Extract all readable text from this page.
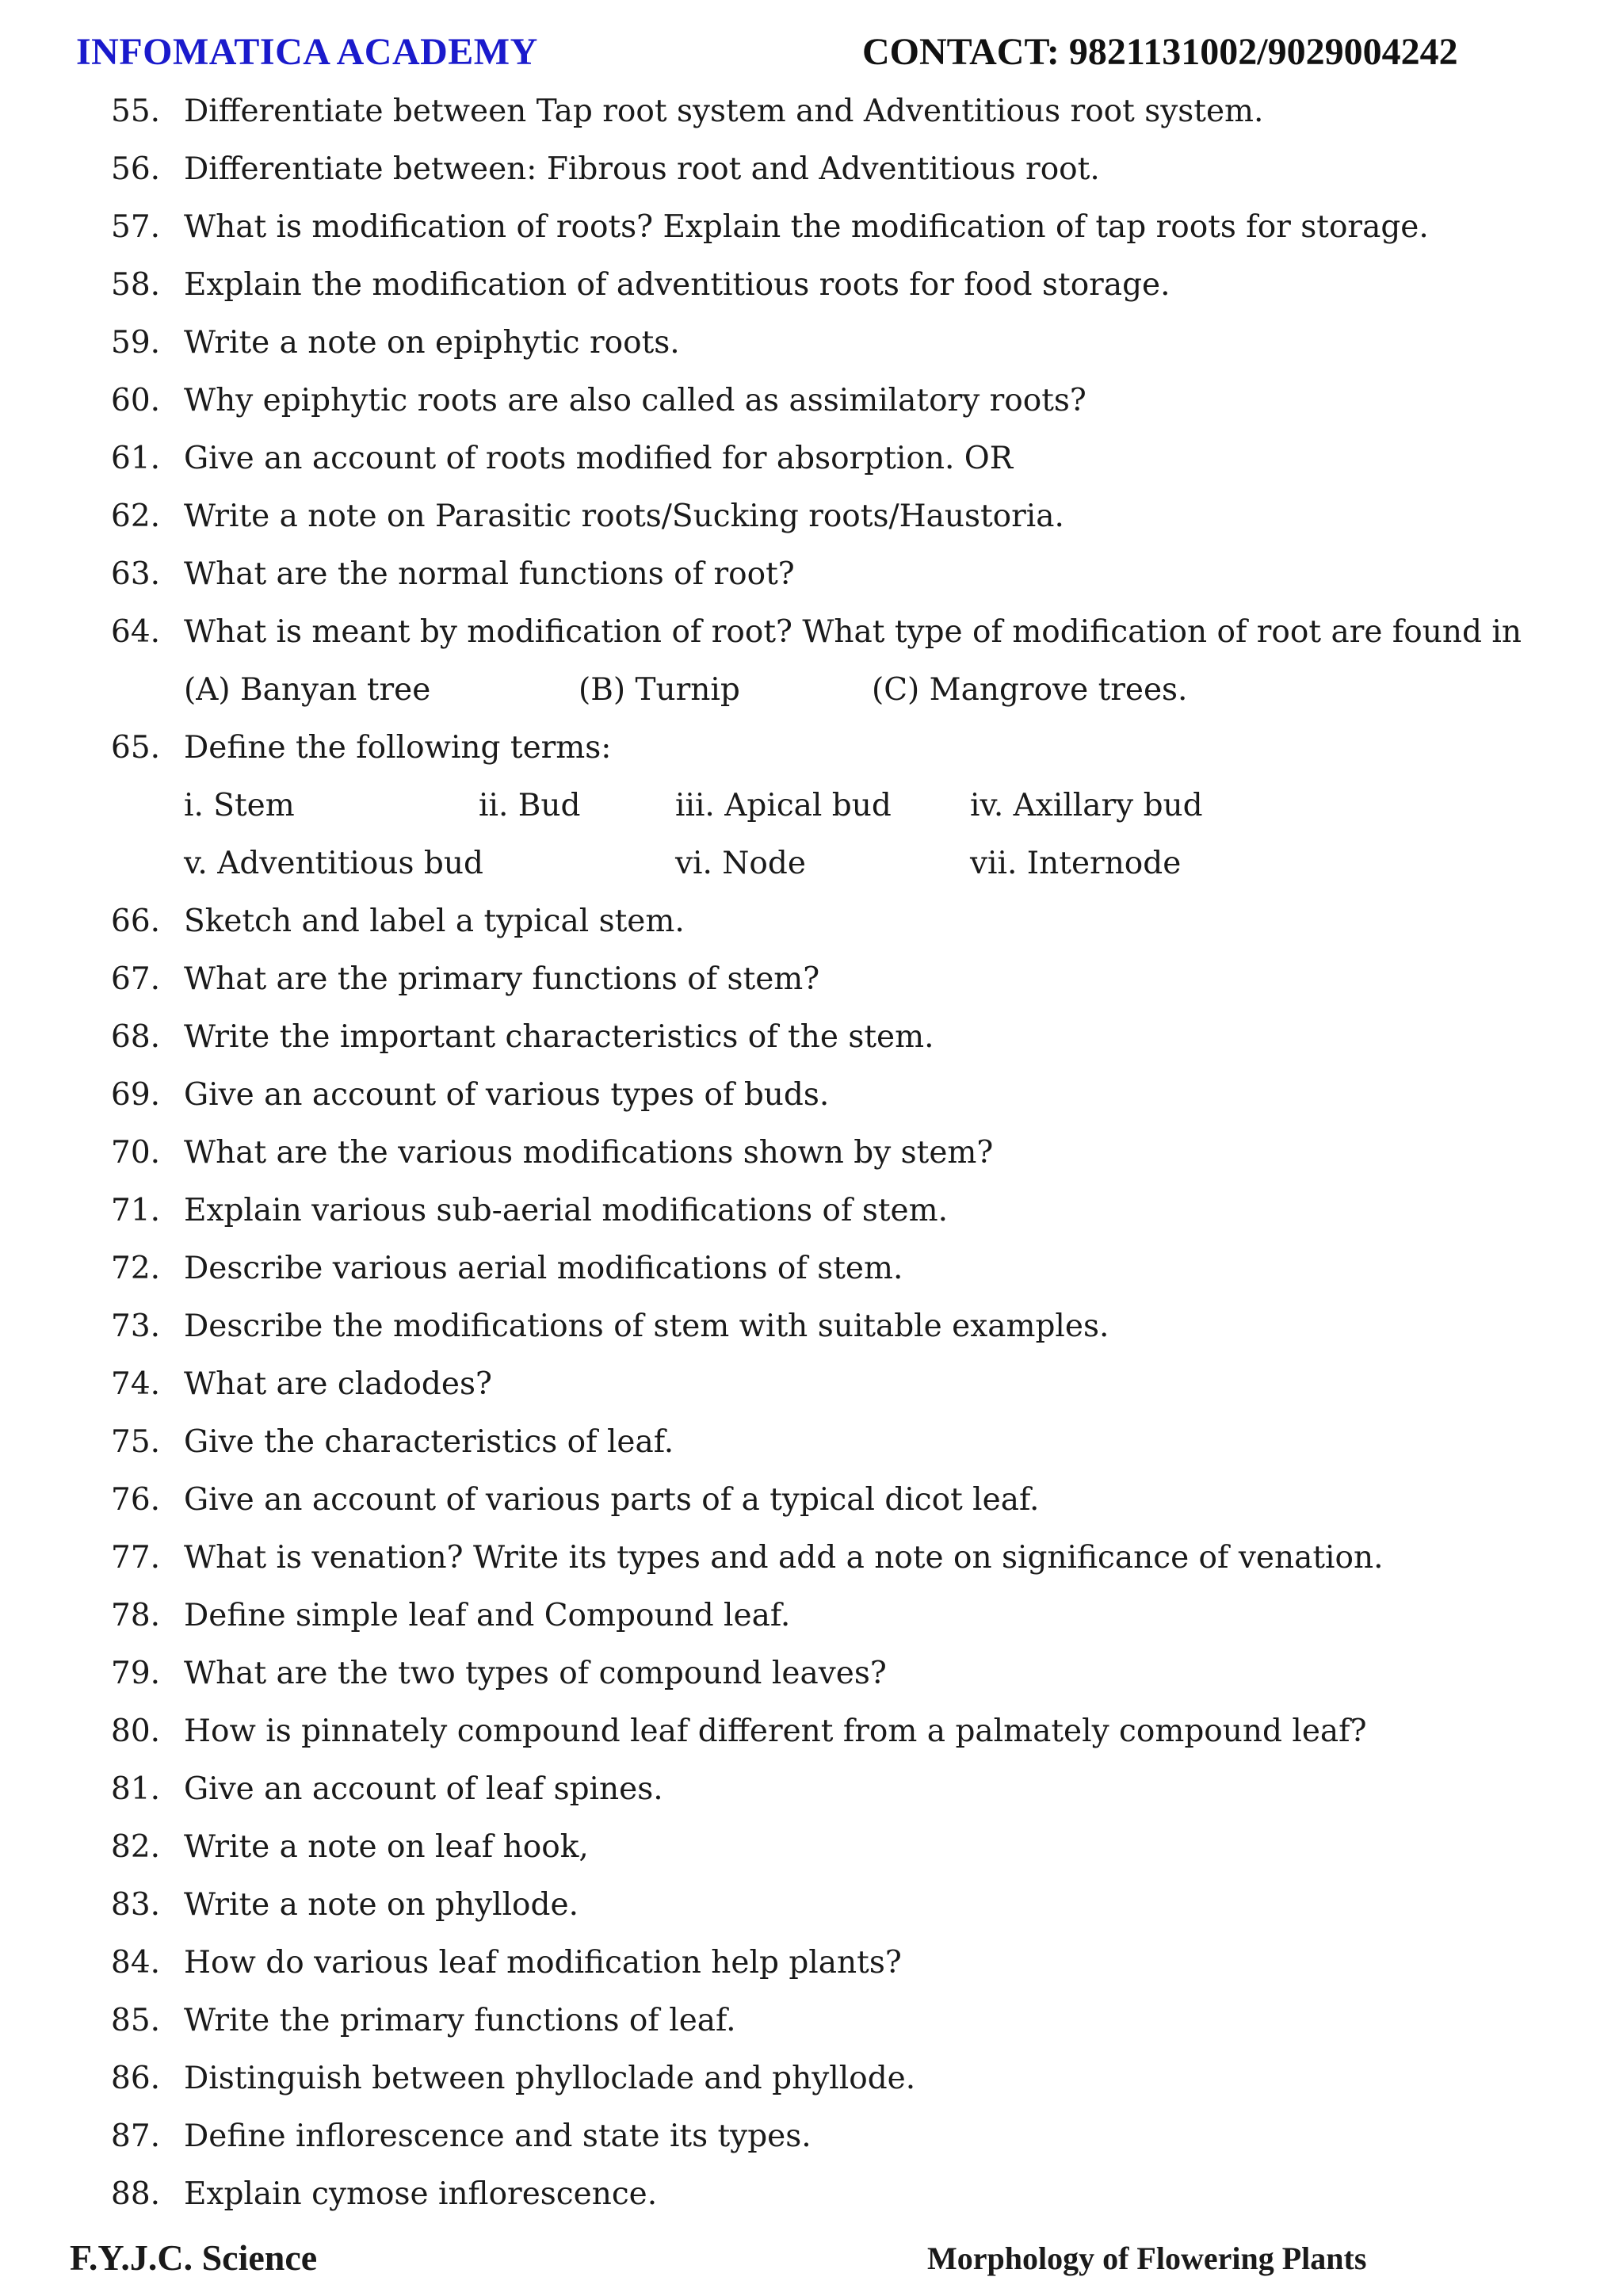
INFOMATICA ACADEMY	CONTACT: 9821131002/9029004242
55. Differentiate between Tap root system and Adventitious root system.
56. Differentiate between: Fibrous root and Adventitious root.
57. What is modification of roots? Explain the modification of tap roots for storage.
58. Explain the modification of adventitious roots for food storage.
59. Write a note on epiphytic roots.
60. Why epiphytic roots are also called as assimilatory roots?
61. Give an account of roots modified for absorption. OR
62. Write a note on Parasitic roots/Sucking roots/Haustoria.
63. What are the normal functions of root?
64. What is meant by modification of root? What type of modification of root are found in
(A) Banyan tree	(B) Turnip	(C) Mangrove trees.
65. Define the following terms:
i. Stem	ii. Bud	iii. Apical bud	iv. Axillary bud
v. Adventitious bud	vi. Node	vii. Internode
66. Sketch and label a typical stem.
67. What are the primary functions of stem?
68. Write the important characteristics of the stem.
69. Give an account of various types of buds.
70. What are the various modifications shown by stem?
71. Explain various sub-aerial modifications of stem.
72. Describe various aerial modifications of stem.
73. Describe the modifications of stem with suitable examples.
74. What are cladodes?
75. Give the characteristics of leaf.
76. Give an account of various parts of a typical dicot leaf.
77. What is venation? Write its types and add a note on significance of venation.
78. Define simple leaf and Compound leaf.
79. What are the two types of compound leaves?
80. How is pinnately compound leaf different from a palmately compound leaf?
81. Give an account of leaf spines.
82. Write a note on leaf hook,
83. Write a note on phyllode.
84. How do various leaf modification help plants?
85. Write the primary functions of leaf.
86. Distinguish between phylloclade and phyllode.
87. Define inflorescence and state its types.
88. Explain cymose inflorescence.
F.Y.J.C. Science	Morphology of Flowering Plants
